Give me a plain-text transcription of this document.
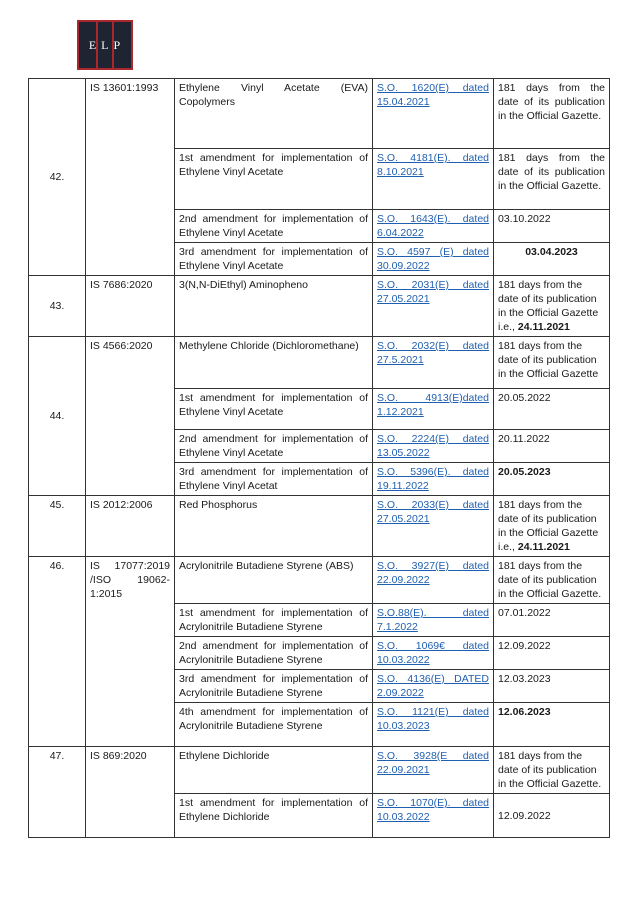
ELP
42.	IS 13601:1993	Ethylene Vinyl Acetate (EVA) Copolymers	S.O. 1620(E) dated 15.04.2021	181 days from the date of its publication in the Official Gazette.
		1st amendment for implementation of Ethylene Vinyl Acetate	S.O. 4181(E). dated 8.10.2021	181 days from the date of its publication in the Official Gazette.
		2nd amendment for implementation of Ethylene Vinyl Acetate	S.O. 1643(E). dated 6.04.2022	03.10.2022
		3rd amendment for implementation of Ethylene Vinyl Acetate	S.O. 4597 (E) dated 30.09.2022	03.04.2023
43.	IS 7686:2020	3(N,N-DiEthyl) Aminopheno	S.O. 2031(E) dated 27.05.2021	181 days from the date of its publication in the Official Gazette i.e., 24.11.2021
44.	IS 4566:2020	Methylene Chloride (Dichloromethane)	S.O. 2032(E) dated 27.5.2021	181 days from the date of its publication in the Official Gazette
		1st amendment for implementation of Ethylene Vinyl Acetate	S.O. 4913(E)dated 1.12.2021	20.05.2022
		2nd amendment for implementation of Ethylene Vinyl Acetate	S.O. 2224(E) dated 13.05.2022	20.11.2022
		3rd amendment for implementation of Ethylene Vinyl Acetat	S.O. 5396(E). dated 19.11.2022	20.05.2023
45.	IS 2012:2006	Red Phosphorus	S.O. 2033(E) dated 27.05.2021	181 days from the date of its publication in the Official Gazette i.e., 24.11.2021
46.	IS 17077:2019 /ISO 19062-1:2015	Acrylonitrile Butadiene Styrene (ABS)	S.O. 3927(E) dated 22.09.2022	181 days from the date of its publication in the Official Gazette.
		1st amendment for implementation of Acrylonitrile Butadiene Styrene	S.O.88(E). dated 7.1.2022	07.01.2022
		2nd amendment for implementation of Acrylonitrile Butadiene Styrene	S.O. 1069€ dated 10.03.2022	12.09.2022
		3rd amendment for implementation of Acrylonitrile Butadiene Styrene	S.O. 4136(E) DATED 2.09.2022	12.03.2023
		4th amendment for implementation of Acrylonitrile Butadiene Styrene	S.O. 1121(E) dated 10.03.2023	12.06.2023
47.	IS 869:2020	Ethylene Dichloride	S.O. 3928(E dated 22.09.2021	181 days from the date of its publication in the Official Gazette.
		1st amendment for implementation of Ethylene Dichloride	S.O. 1070(E). dated 10.03.2022	12.09.2022
